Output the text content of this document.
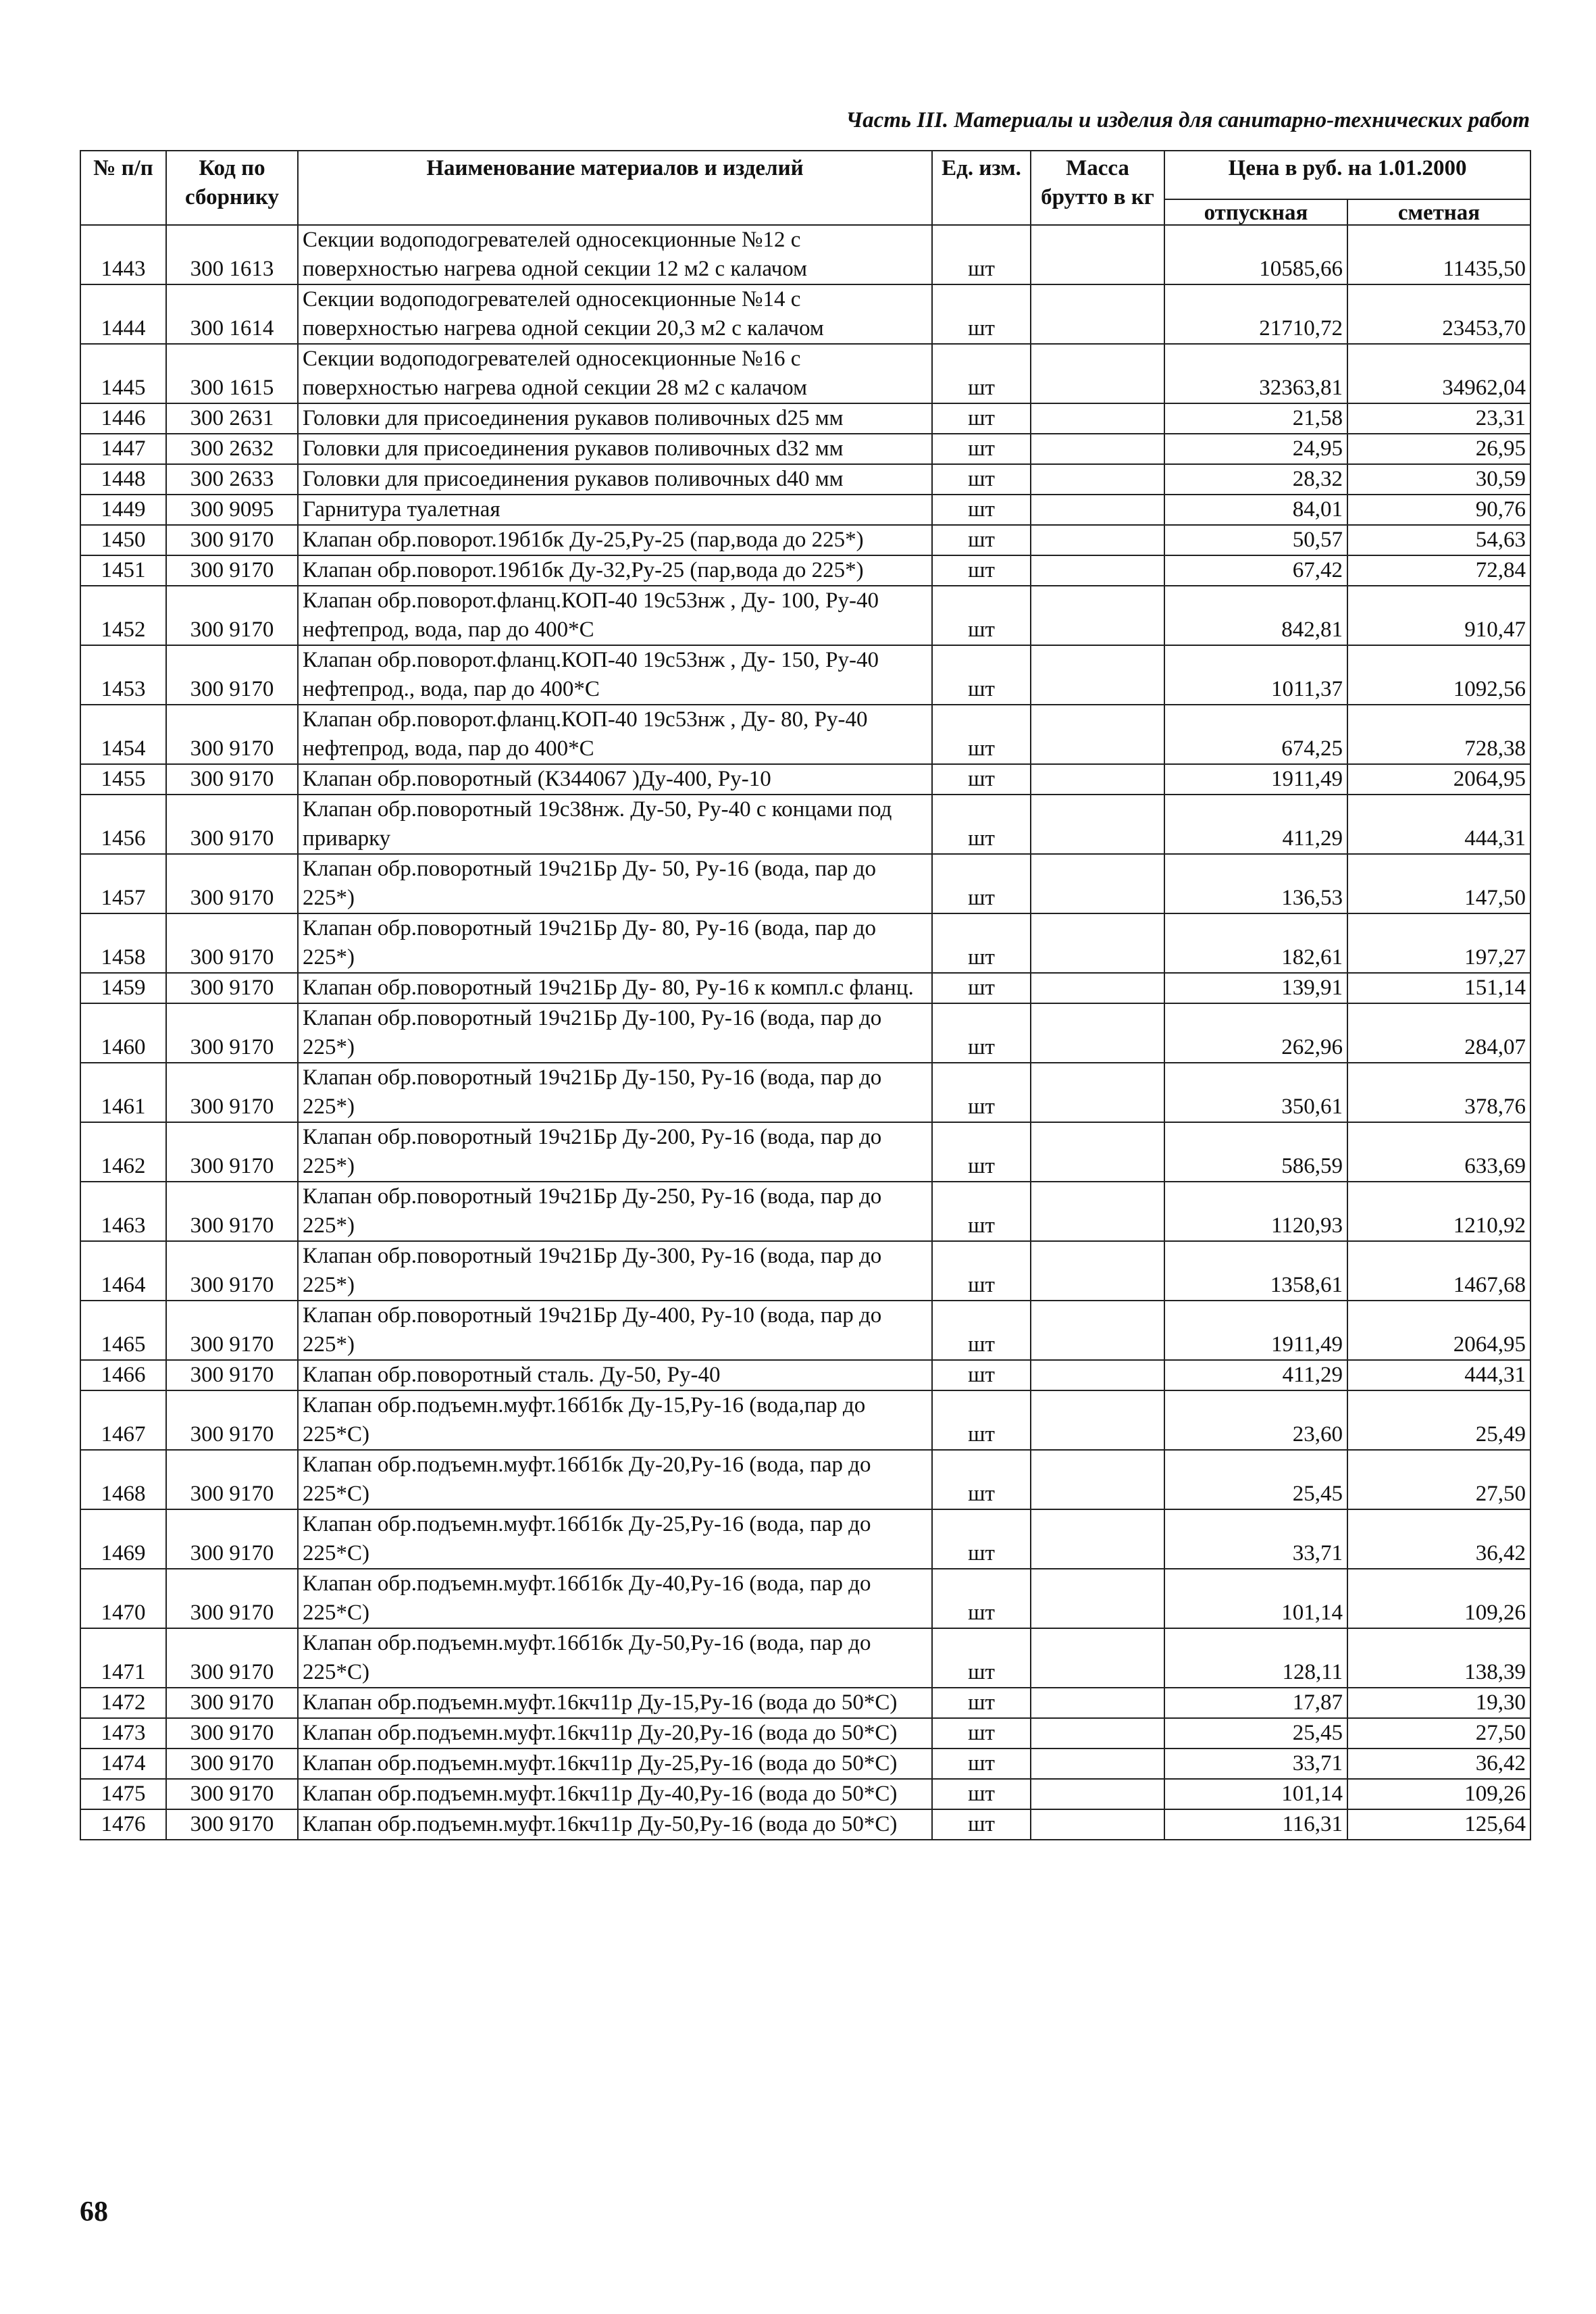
Часть III. Материалы и изделия для санитарно-технических работ
№ п/п	Код по сборнику	Наименование материалов и изделий	Ед. изм.	Масса брутто в кг	Цена в руб. на 1.01.2000	
					отпускная	сметная
1443	300 1613	Секции водоподогревателей односекционные №12 с поверхностью нагрева одной секции 12 м2 с калачом	шт		10585,66	11435,50
1444	300 1614	Секции водоподогревателей односекционные №14 с поверхностью нагрева одной секции 20,3 м2 с калачом	шт		21710,72	23453,70
1445	300 1615	Секции водоподогревателей односекционные №16 с поверхностью нагрева одной секции 28 м2 с калачом	шт		32363,81	34962,04
1446	300 2631	Головки для присоединения рукавов поливочных d25 мм	шт		21,58	23,31
1447	300 2632	Головки для присоединения рукавов поливочных d32 мм	шт		24,95	26,95
1448	300 2633	Головки для присоединения рукавов поливочных d40 мм	шт		28,32	30,59
1449	300 9095	Гарнитура туалетная	шт		84,01	90,76
1450	300 9170	Клапан обр.поворот.19б1бк Ду-25,Ру-25 (пар,вода до 225*)	шт		50,57	54,63
1451	300 9170	Клапан обр.поворот.19б1бк Ду-32,Ру-25 (пар,вода до 225*)	шт		67,42	72,84
1452	300 9170	Клапан обр.поворот.фланц.КОП-40 19с53нж , Ду- 100, Ру-40 нефтепрод, вода, пар до 400*С	шт		842,81	910,47
1453	300 9170	Клапан обр.поворот.фланц.КОП-40 19с53нж , Ду- 150, Ру-40 нефтепрод., вода, пар до 400*С	шт		1011,37	1092,56
1454	300 9170	Клапан обр.поворот.фланц.КОП-40 19с53нж , Ду- 80, Ру-40 нефтепрод, вода, пар до 400*С	шт		674,25	728,38
1455	300 9170	Клапан обр.поворотный (К344067 )Ду-400, Ру-10	шт		1911,49	2064,95
1456	300 9170	Клапан обр.поворотный 19с38нж. Ду-50, Ру-40 с концами под приварку	шт		411,29	444,31
1457	300 9170	Клапан обр.поворотный 19ч21Бр Ду- 50, Ру-16 (вода, пар до 225*)	шт		136,53	147,50
1458	300 9170	Клапан обр.поворотный 19ч21Бр Ду- 80, Ру-16 (вода, пар до 225*)	шт		182,61	197,27
1459	300 9170	Клапан обр.поворотный 19ч21Бр Ду- 80, Ру-16 к компл.с фланц.	шт		139,91	151,14
1460	300 9170	Клапан обр.поворотный 19ч21Бр Ду-100, Ру-16 (вода, пар до 225*)	шт		262,96	284,07
1461	300 9170	Клапан обр.поворотный 19ч21Бр Ду-150, Ру-16 (вода, пар до 225*)	шт		350,61	378,76
1462	300 9170	Клапан обр.поворотный 19ч21Бр Ду-200, Ру-16 (вода, пар до 225*)	шт		586,59	633,69
1463	300 9170	Клапан обр.поворотный 19ч21Бр Ду-250, Ру-16 (вода, пар до 225*)	шт		1120,93	1210,92
1464	300 9170	Клапан обр.поворотный 19ч21Бр Ду-300, Ру-16 (вода, пар до 225*)	шт		1358,61	1467,68
1465	300 9170	Клапан обр.поворотный 19ч21Бр Ду-400, Ру-10 (вода, пар до 225*)	шт		1911,49	2064,95
1466	300 9170	Клапан обр.поворотный сталь. Ду-50, Ру-40	шт		411,29	444,31
1467	300 9170	Клапан обр.подъемн.муфт.16б1бк Ду-15,Ру-16 (вода,пар до 225*С)	шт		23,60	25,49
1468	300 9170	Клапан обр.подъемн.муфт.16б1бк Ду-20,Ру-16 (вода, пар до 225*С)	шт		25,45	27,50
1469	300 9170	Клапан обр.подъемн.муфт.16б1бк Ду-25,Ру-16 (вода, пар до 225*С)	шт		33,71	36,42
1470	300 9170	Клапан обр.подъемн.муфт.16б1бк Ду-40,Ру-16 (вода, пар до 225*С)	шт		101,14	109,26
1471	300 9170	Клапан обр.подъемн.муфт.16б1бк Ду-50,Ру-16 (вода, пар до 225*С)	шт		128,11	138,39
1472	300 9170	Клапан обр.подъемн.муфт.16кч11р Ду-15,Ру-16 (вода до 50*С)	шт		17,87	19,30
1473	300 9170	Клапан обр.подъемн.муфт.16кч11р Ду-20,Ру-16 (вода до 50*С)	шт		25,45	27,50
1474	300 9170	Клапан обр.подъемн.муфт.16кч11р Ду-25,Ру-16 (вода до 50*С)	шт		33,71	36,42
1475	300 9170	Клапан обр.подъемн.муфт.16кч11р Ду-40,Ру-16 (вода до 50*С)	шт		101,14	109,26
1476	300 9170	Клапан обр.подъемн.муфт.16кч11р Ду-50,Ру-16 (вода до 50*С)	шт		116,31	125,64
68
